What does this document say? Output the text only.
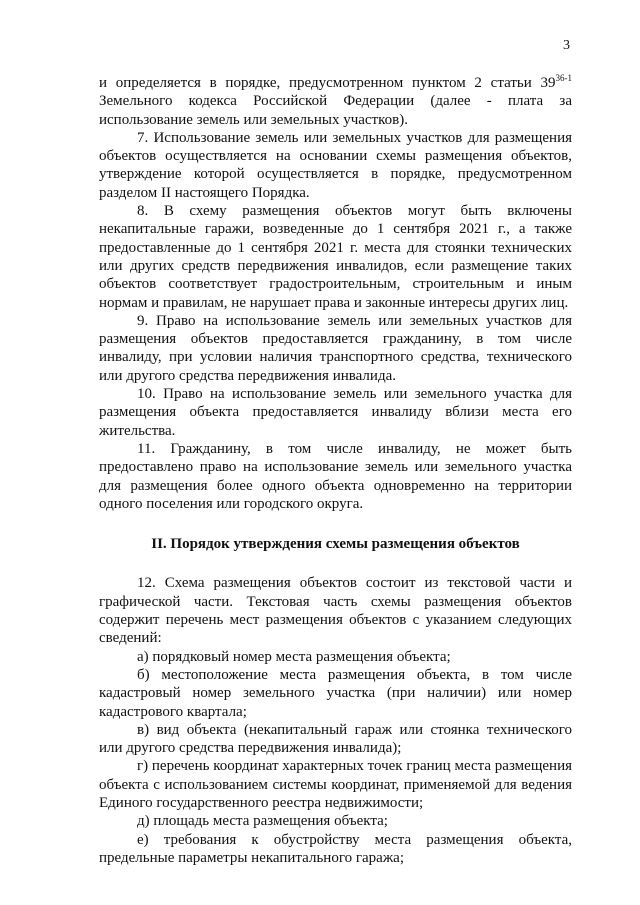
3

и определяется в порядке, предусмотренном пунктом 2 статьи 39$^{36-1}$ Земельного кодекса Российской Федерации (далее - плата за использование земель или земельных участков).

7. Использование земель или земельных участков для размещения объектов осуществляется на основании схемы размещения объектов, утверждение которой осуществляется в порядке, предусмотренном разделом II настоящего Порядка.

8. В схему размещения объектов могут быть включены некапитальные гаражи, возведенные до 1 сентября 2021 г., а также предоставленные до 1 сентября 2021 г. места для стоянки технических или других средств передвижения инвалидов, если размещение таких объектов соответствует градостроительным, строительным и иным нормам и правилам, не нарушает права и законные интересы других лиц.

9. Право на использование земель или земельных участков для размещения объектов предоставляется гражданину, в том числе инвалиду, при условии наличия транспортного средства, технического или другого средства передвижения инвалида.

10. Право на использование земель или земельного участка для размещения объекта предоставляется инвалиду вблизи места его жительства.

11. Гражданину, в том числе инвалиду, не может быть предоставлено право на использование земель или земельного участка для размещения более одного объекта одновременно на территории одного поселения или городского округа.

II. Порядок утверждения схемы размещения объектов

12. Схема размещения объектов состоит из текстовой части и графической части. Текстовая часть схемы размещения объектов содержит перечень мест размещения объектов с указанием следующих сведений:

а) порядковый номер места размещения объекта;

б) местоположение места размещения объекта, в том числе кадастровый номер земельного участка (при наличии) или номер кадастрового квартала;

в) вид объекта (некапитальный гараж или стоянка технического или другого средства передвижения инвалида);

г) перечень координат характерных точек границ места размещения объекта с использованием системы координат, применяемой для ведения Единого государственного реестра недвижимости;

д) площадь места размещения объекта;

е) требования к обустройству места размещения объекта, предельные параметры некапитального гаража;
